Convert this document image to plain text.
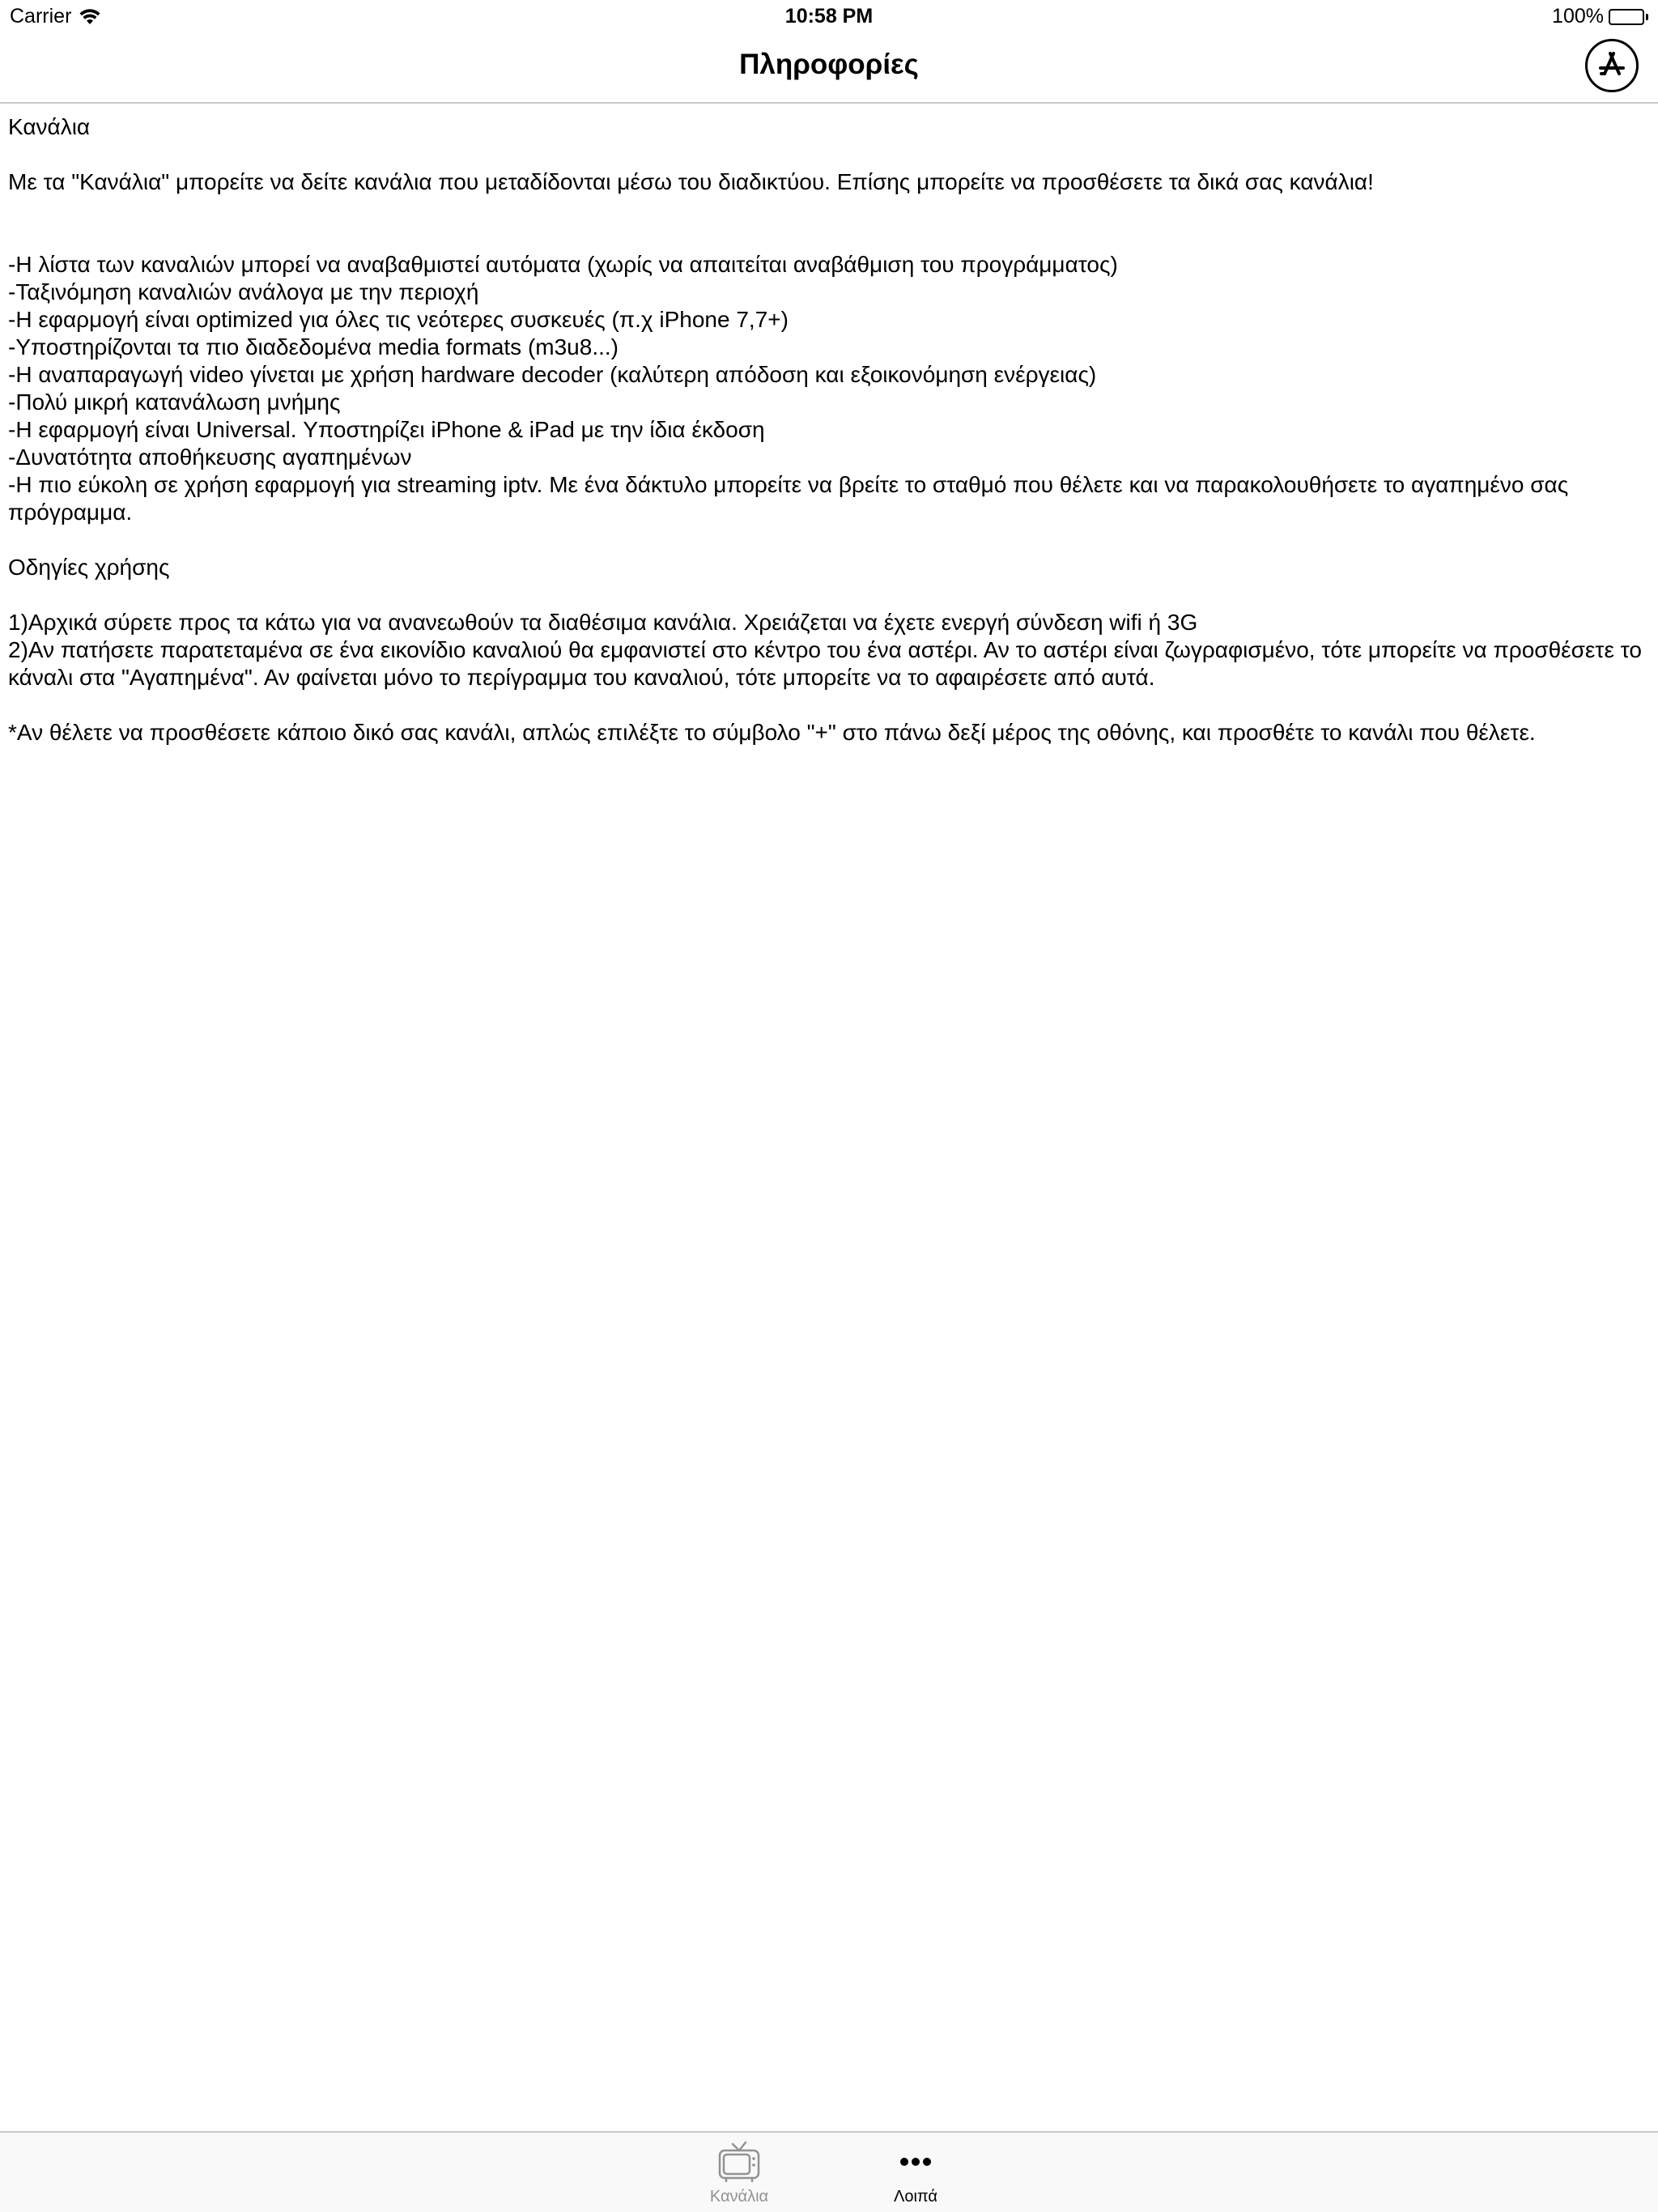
Carrier	10:58 PM	100%
Πληροφορίες

Κανάλια

Με τα "Κανάλια" μπορείτε να δείτε κανάλια που μεταδίδονται μέσω του διαδικτύου. Επίσης μπορείτε να προσθέσετε τα δικά σας κανάλια!

-Η λίστα των καναλιών μπορεί να αναβαθμιστεί αυτόματα (χωρίς να απαιτείται αναβάθμιση του προγράμματος)

-Ταξινόμηση καναλιών ανάλογα με την περιοχή

-Η εφαρμογή είναι optimized για όλες τις νεότερες συσκευές (π.χ iPhone 7,7+)

-Υποστηρίζονται τα πιο διαδεδομένα media formats (m3u8...)

-Η αναπαραγωγή video γίνεται με χρήση hardware decoder (καλύτερη απόδοση και εξοικονόμηση ενέργειας)

-Πολύ μικρή κατανάλωση μνήμης

-Η εφαρμογή είναι Universal. Υποστηρίζει iPhone & iPad με την ίδια έκδοση

-Δυνατότητα αποθήκευσης αγαπημένων

-Η πιο εύκολη σε χρήση εφαρμογή για streaming iptv. Με ένα δάκτυλο μπορείτε να βρείτε το σταθμό που θέλετε και να παρακολουθήσετε το αγαπημένο σας πρόγραμμα.

Οδηγίες χρήσης

1)Αρχικά σύρετε προς τα κάτω για να ανανεωθούν τα διαθέσιμα κανάλια. Χρειάζεται να έχετε ενεργή σύνδεση wifi ή 3G

2)Αν πατήσετε παρατεταμένα σε ένα εικονίδιο καναλιού θα εμφανιστεί στο κέντρο του ένα αστέρι. Αν το αστέρι είναι ζωγραφισμένο, τότε μπορείτε να προσθέσετε το κάναλι στα "Αγαπημένα". Αν φαίνεται μόνο το περίγραμμα του καναλιού, τότε μπορείτε να το αφαιρέσετε από αυτά.

*Αν θέλετε να προσθέσετε κάποιο δικό σας κανάλι, απλώς επιλέξτε το σύμβολο "+" στο πάνω δεξί μέρος της οθόνης, και προσθέτε το κανάλι που θέλετε.

Κανάλια	Λοιπά
